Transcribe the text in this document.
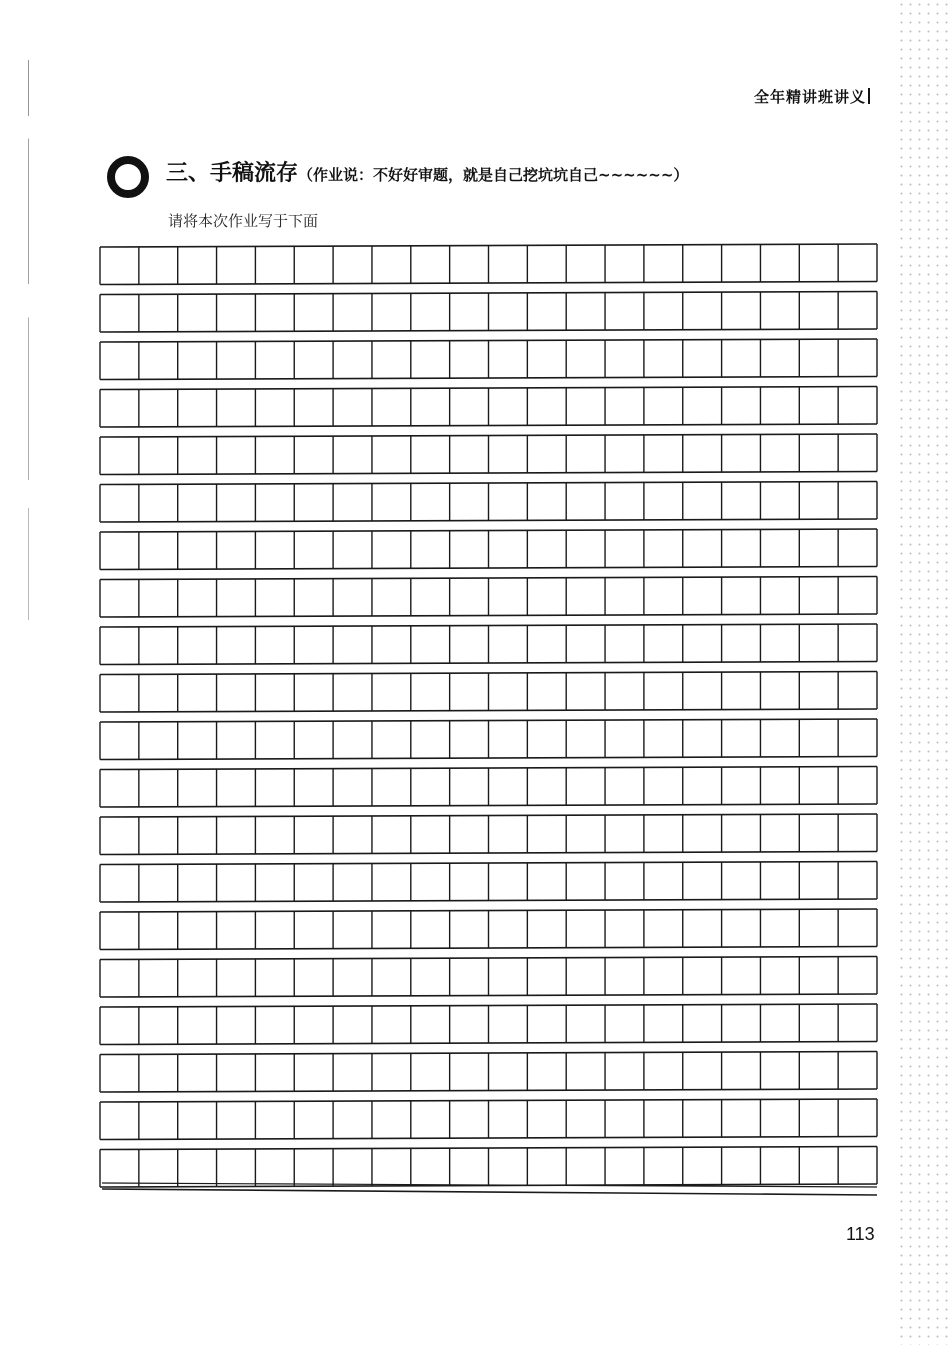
全年精讲班讲义
三、手稿流存（作业说：不好好审题，就是自己挖坑坑自己~~~~~~）
请将本次作业写于下面
113
